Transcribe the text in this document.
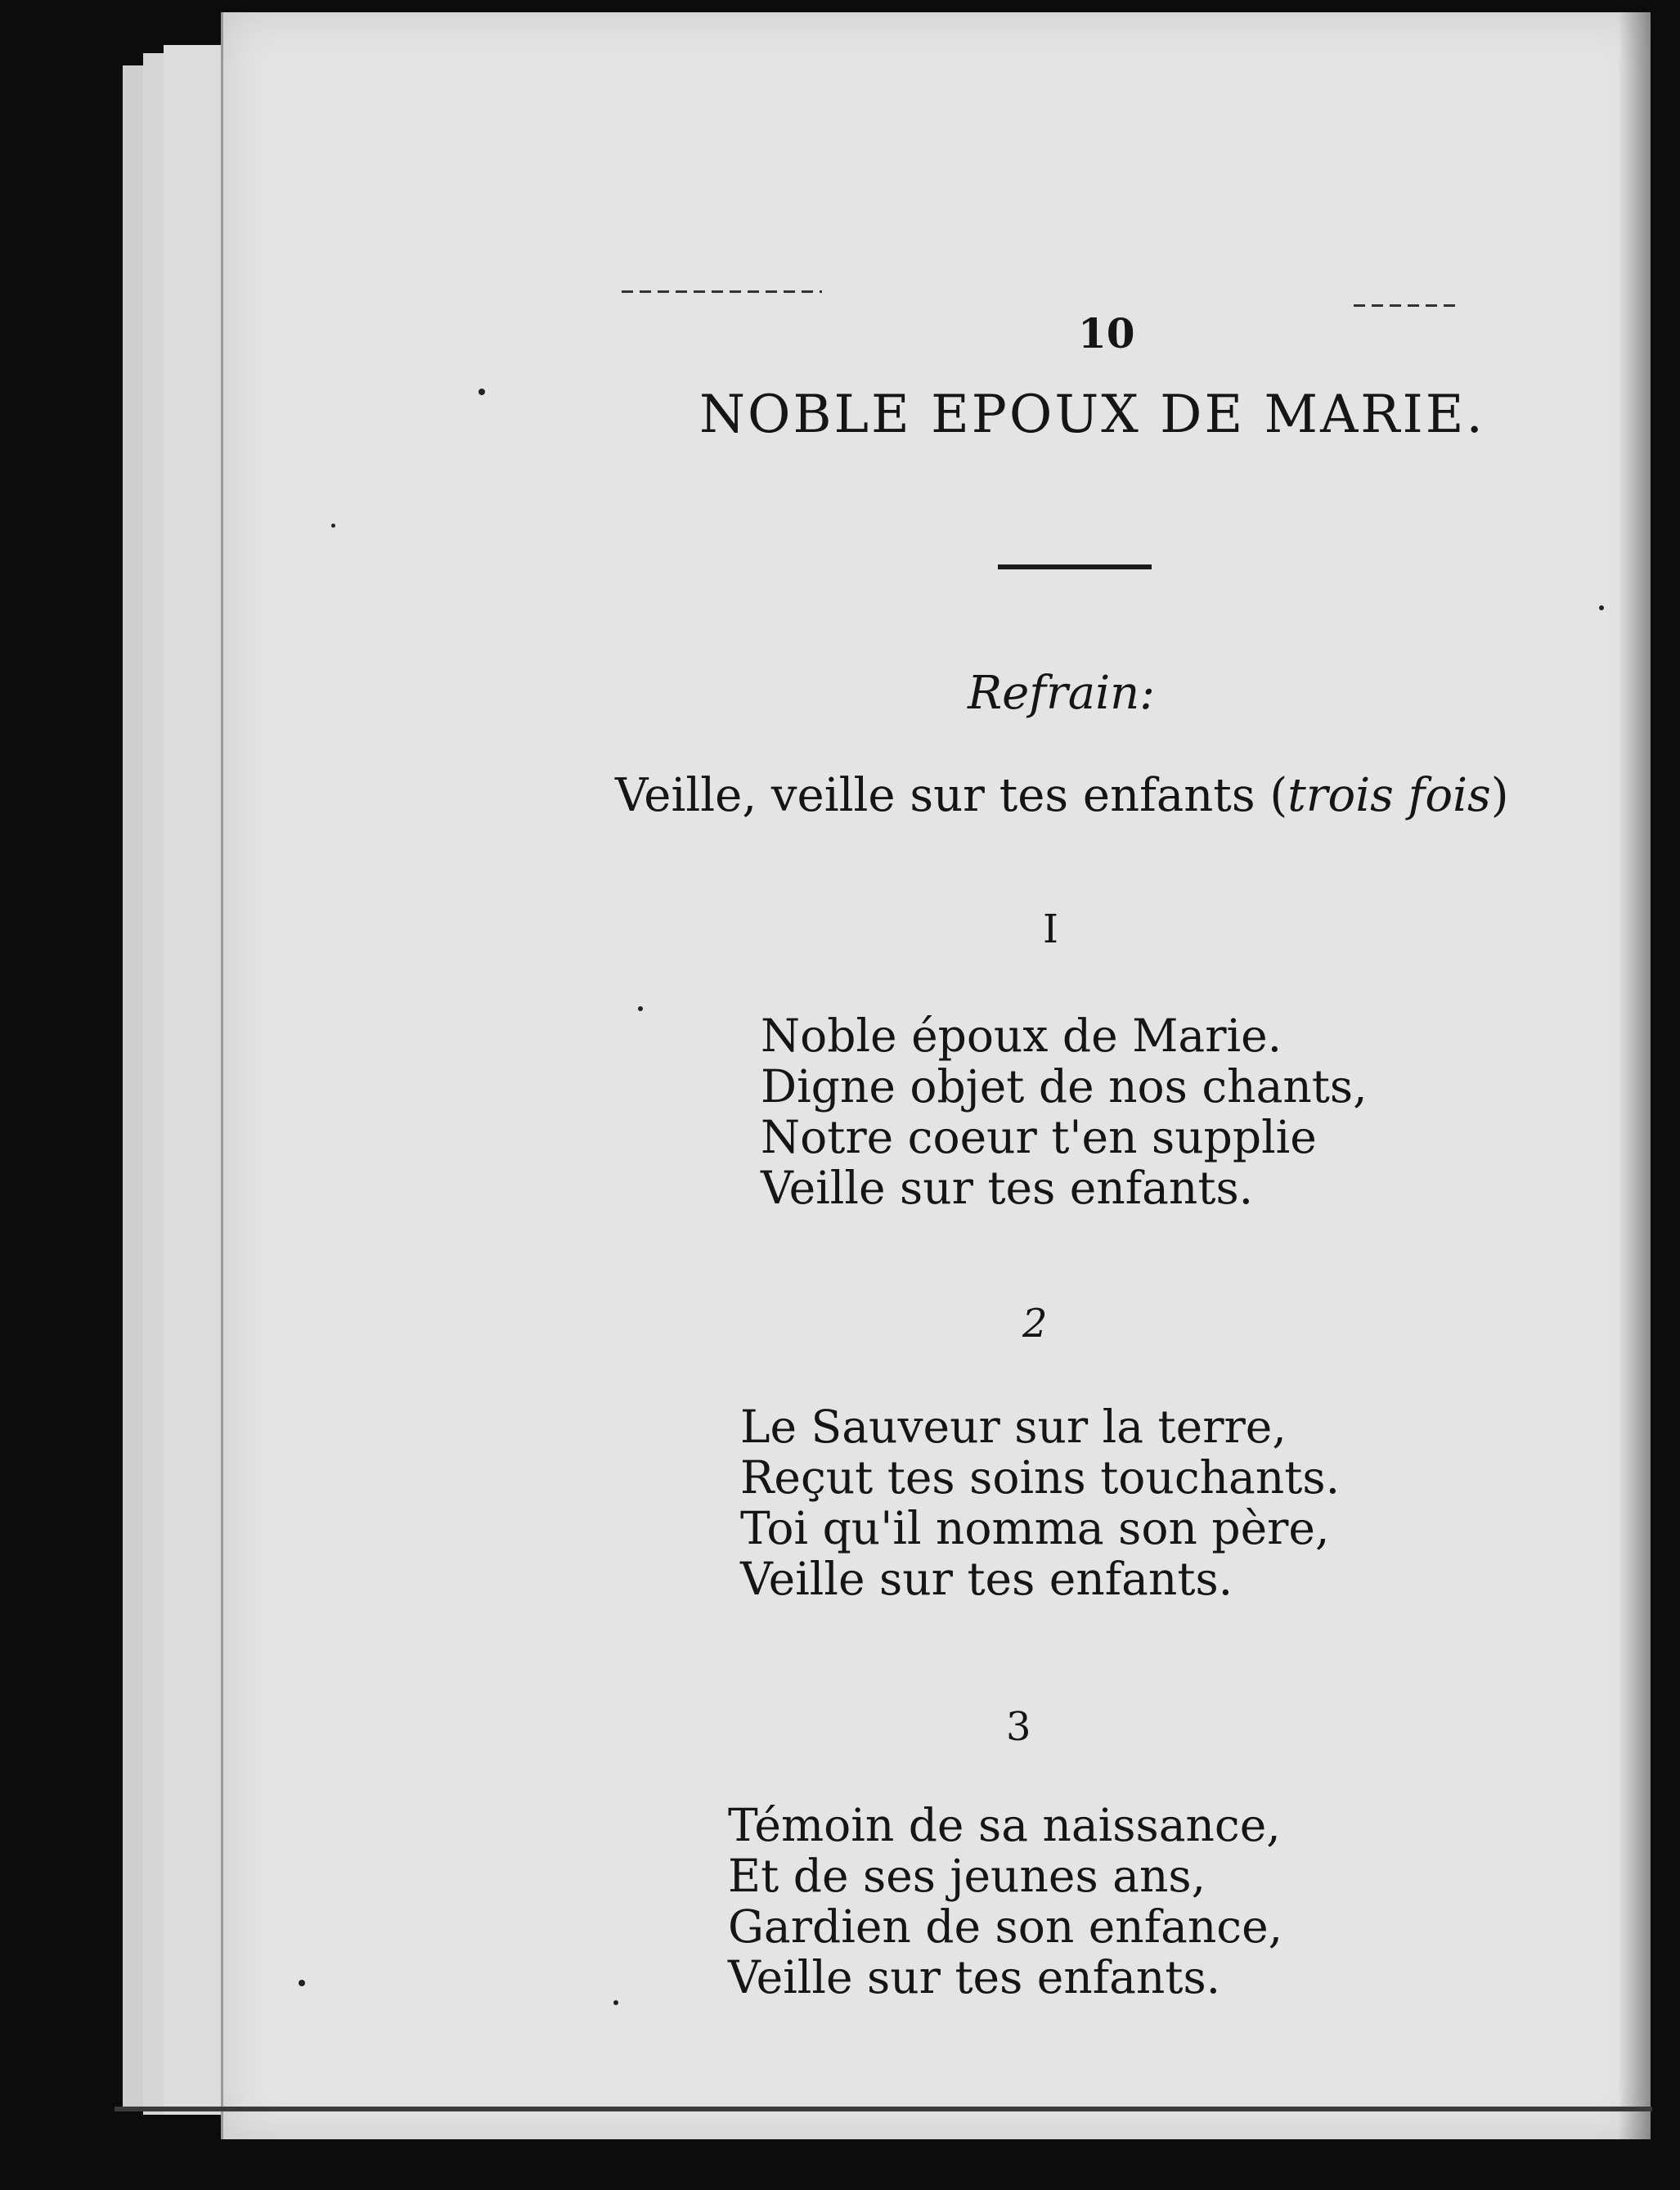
10
NOBLE EPOUX DE MARIE.
Refrain:
Veille, veille sur tes enfants (trois fois)
I
Noble époux de Marie.
Digne objet de nos chants,
Notre coeur t'en supplie
Veille sur tes enfants.
2
Le Sauveur sur la terre,
Reçut tes soins touchants.
Toi qu'il nomma son père,
Veille sur tes enfants.
3
Témoin de sa naissance,
Et de ses jeunes ans,
Gardien de son enfance,
Veille sur tes enfants.
